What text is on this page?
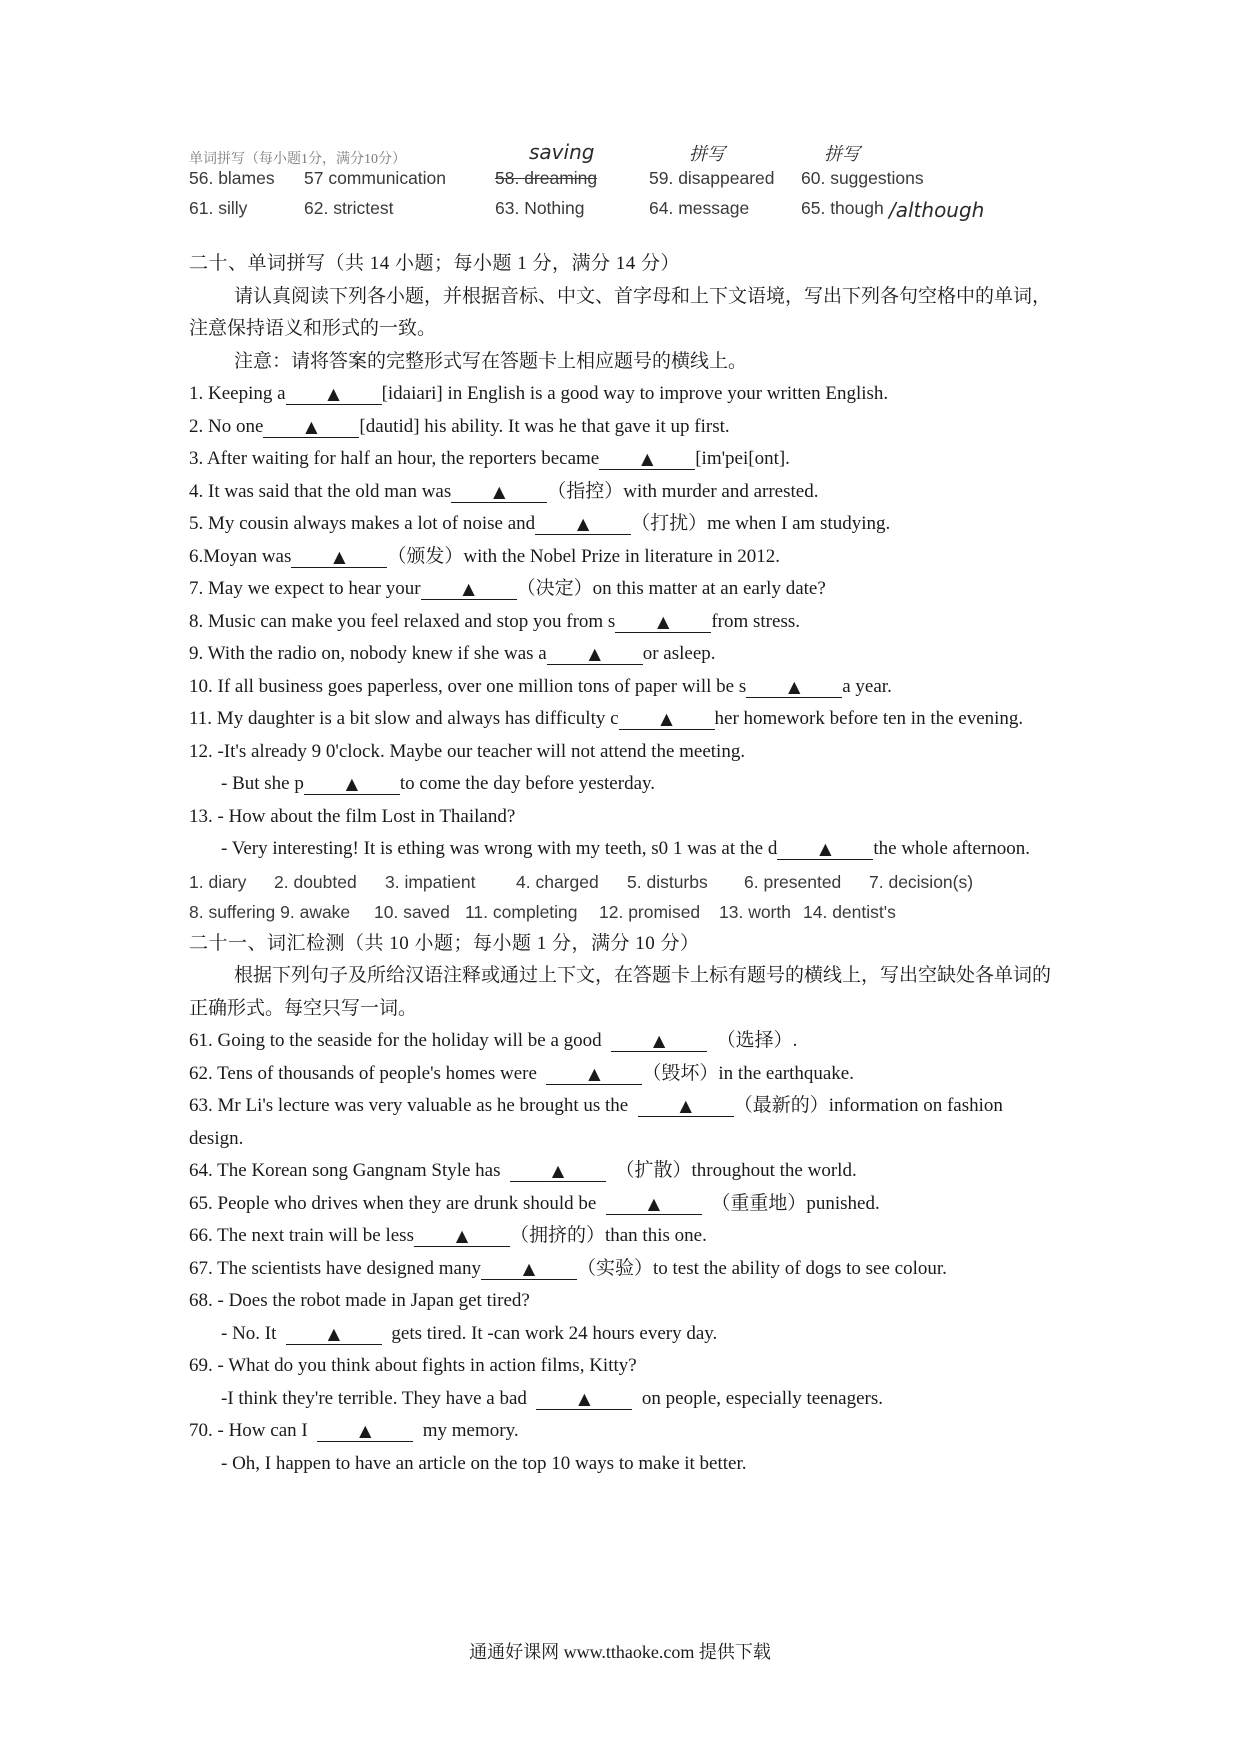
单词拼写（每小题1分，满分10分）	saving	拼写	拼写
56. blames 57 communication	58. dreaming	59. disappeared 60. suggestions
61. silly	62. strictest	63. Nothing	64. message	65. though /although
二十、单词拼写（共 14 小题；每小题 1 分，满分 14 分）
请认真阅读下列各小题，并根据音标、中文、首字母和上下文语境，写出下列各句空格中的单词，注意保持语义和形式的一致。
注意：请将答案的完整形式写在答题卡上相应题号的横线上。
1. Keeping a	▲ [idaiari] in English is a good way to improve your written English.
2. No one	▲ [dautid] his ability. It was he that gave it up first.
3. After waiting for half an hour, the reporters became	▲ [im'pei[ont].
4. It was said that the old man was	▲ （指控）with murder and arrested.
5. My cousin always makes a lot of noise and	▲ （打扰）me when I am studying.
6.Moyan was	▲ （颁发）with the Nobel Prize in literature in 2012.
7. May we expect to hear your	▲ （决定）on this matter at an early date?
8. Music can make you feel relaxed and stop you from s	▲ from stress.
9. With the radio on, nobody knew if she was a	▲ or asleep.
10. If all business goes paperless, over one million tons of paper will be s	▲ a year.
11. My daughter is a bit slow and always has difficulty c	▲ her homework before ten in the evening.
12. -It's already 9 0'clock. Maybe our teacher will not attend the meeting.
- But she p	▲ to come the day before yesterday.
13. - How about the film Lost in Thailand?
- Very interesting! It is ething was wrong with my teeth, s0 1 was at the d	▲ the whole afternoon.
1. diary 2. doubted 3. impatient 4. charged 5. disturbs 6. presented 7. decision(s)
8. suffering 9. awake 10. saved 11. completing 12. promised 13. worth 14. dentist's
二十一、词汇检测（共 10 小题；每小题 1 分，满分 10 分）
根据下列句子及所给汉语注释或通过上下文，在答题卡上标有题号的横线上，写出空缺处各单词的正确形式。每空只写一词。
61. Going to the seaside for the holiday will be a good	▲	（选择）.
62. Tens of thousands of people's homes were	▲ （毁坏）in the earthquake.
63. Mr Li's lecture was very valuable as he brought us the	▲ （最新的）information on fashion design.
64. The Korean song Gangnam Style has	▲	（扩散）throughout the world.
65. People who drives when they are drunk should be	▲	（重重地）punished.
66. The next train will be less	▲ （拥挤的）than this one.
67. The scientists have designed many	▲ （实验）to test the ability of dogs to see colour.
68. - Does the robot made in Japan get tired?
- No. It	▲	gets tired. It -can work 24 hours every day.
69. - What do you think about fights in action films, Kitty?
-I think they're terrible. They have a bad	▲	on people, especially teenagers.
70. - How can I	▲	my memory.
- Oh, I happen to have an article on the top 10 ways to make it better.
通通好课网 www.tthaoke.com 提供下载
